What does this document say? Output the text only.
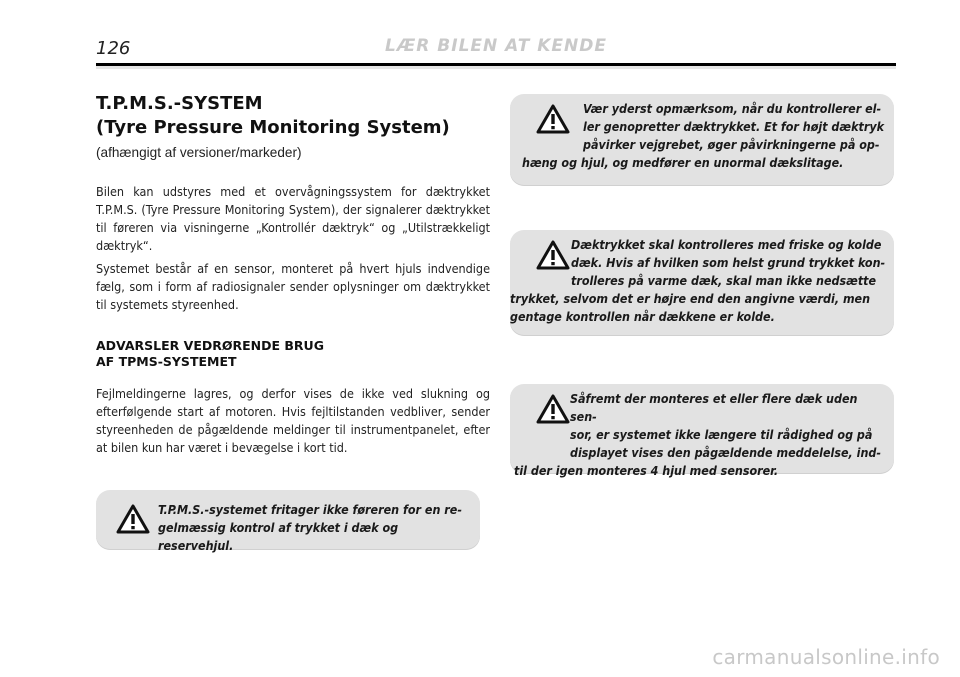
126	LÆR BILEN AT KENDE
T.P.M.S.-SYSTEM
(Tyre Pressure Monitoring System)

(afhængigt af versioner/markeder)

Bilen kan udstyres med et overvågningssystem for dæktrykket T.P.M.S. (Tyre Pressure Monitoring System), der signalerer dæktrykket til føreren via visningerne „Kontrollér dæktryk“ og „Utilstrækkeligt dæktryk“.

Systemet består af en sensor, monteret på hvert hjuls indvendige fælg, som i form af radiosignaler sender oplysninger om dæktrykket til systemets styreenhed.

ADVARSLER VEDRØRENDE BRUG
AF TPMS-SYSTEMET

Fejlmeldingerne lagres, og derfor vises de ikke ved slukning og efterfølgende start af motoren. Hvis fejltilstanden vedbliver, sender styreenheden de pågældende meldinger til instrumentpanelet, efter at bilen kun har været i bevægelse i kort tid.

Vær yderst opmærksom, når du kontrollerer el-
ler genopretter dæktrykket. Et for højt dæktryk
påvirker vejgrebet, øger påvirkningerne på op-
hæng og hjul, og medfører en unormal dækslitage.

Dæktrykket skal kontrolleres med friske og kolde
dæk. Hvis af hvilken som helst grund trykket kon-
trolleres på varme dæk, skal man ikke nedsætte
trykket, selvom det er højre end den angivne værdi, men
gentage kontrollen når dækkene er kolde.

Såfremt der monteres et eller flere dæk uden sen-
sor, er systemet ikke længere til rådighed og på
displayet vises den pågældende meddelelse, ind-
til der igen monteres 4 hjul med sensorer.

T.P.M.S.-systemet fritager ikke føreren for en re-
gelmæssig kontrol af trykket i dæk og reservehjul.

carmanualsonline.info
